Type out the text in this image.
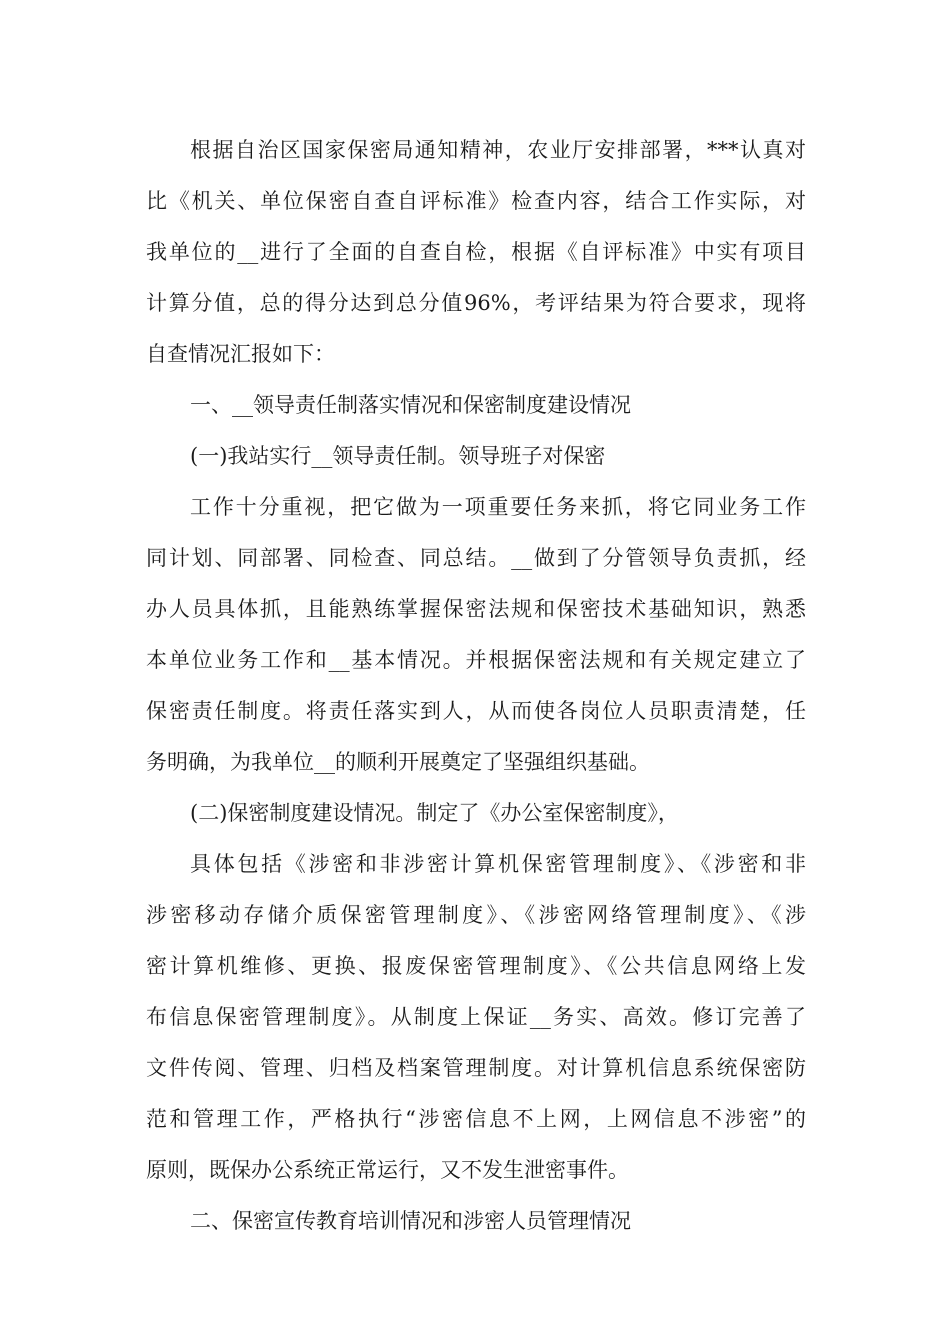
根据自治区国家保密局通知精神，农业厅安排部署，***认真对
比《机关、单位保密自查自评标准》检查内容，结合工作实际，对
我单位的__进行了全面的自查自检，根据《自评标准》中实有项目
计算分值，总的得分达到总分值96%，考评结果为符合要求，现将
自查情况汇报如下：
一、__领导责任制落实情况和保密制度建设情况
(一)我站实行__领导责任制。领导班子对保密
工作十分重视，把它做为一项重要任务来抓，将它同业务工作
同计划、同部署、同检查、同总结。__做到了分管领导负责抓，经
办人员具体抓，且能熟练掌握保密法规和保密技术基础知识，熟悉
本单位业务工作和__基本情况。并根据保密法规和有关规定建立了
保密责任制度。将责任落实到人，从而使各岗位人员职责清楚，任
务明确，为我单位__的顺利开展奠定了坚强组织基础。
(二)保密制度建设情况。制定了《办公室保密制度》，
具体包括《涉密和非涉密计算机保密管理制度》、《涉密和非
涉密移动存储介质保密管理制度》、《涉密网络管理制度》、《涉
密计算机维修、更换、报废保密管理制度》、《公共信息网络上发
布信息保密管理制度》。从制度上保证__务实、高效。修订完善了
文件传阅、管理、归档及档案管理制度。对计算机信息系统保密防
范和管理工作，严格执行“涉密信息不上网，上网信息不涉密”的
原则，既保办公系统正常运行，又不发生泄密事件。
二、保密宣传教育培训情况和涉密人员管理情况
